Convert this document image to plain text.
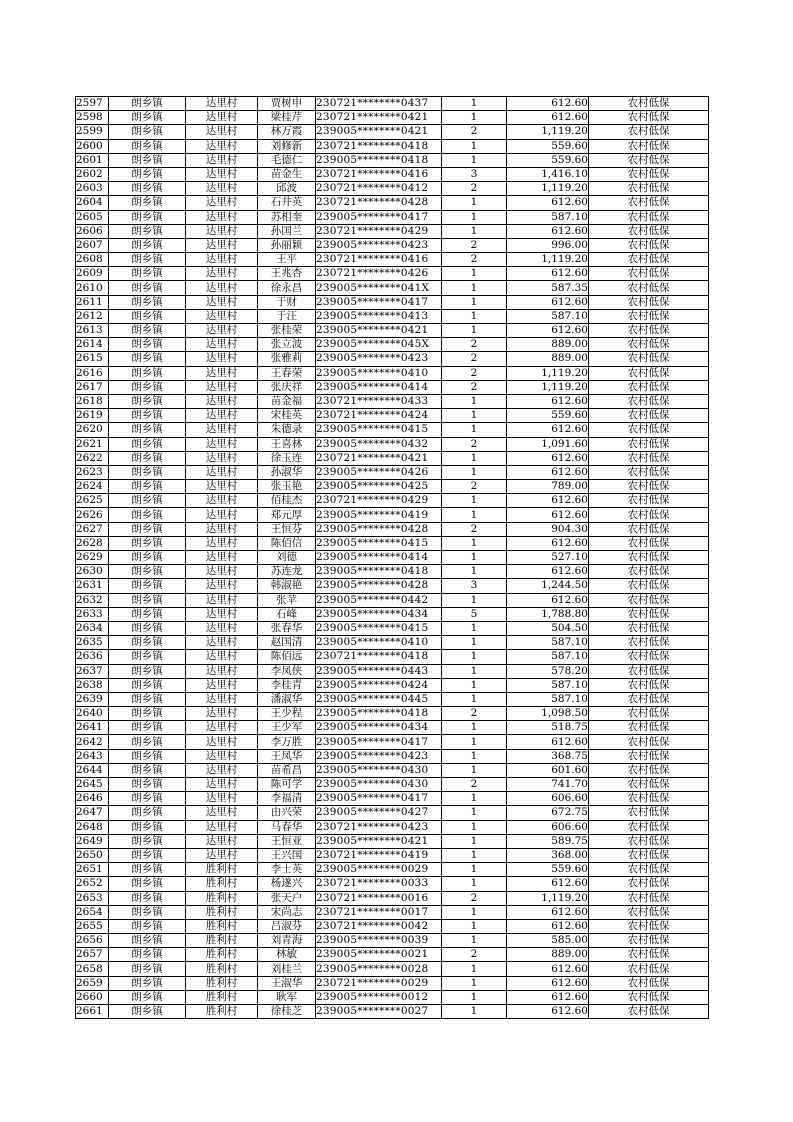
2597	朗乡镇	达里村	贾树申	230721********0437	1	612.60	农村低保
2598	朗乡镇	达里村	梁桂芹	230721********0421	1	612.60	农村低保
2599	朗乡镇	达里村	林万霞	239005********0421	2	1,119.20	农村低保
2600	朗乡镇	达里村	刘修新	230721********0418	1	559.60	农村低保
2601	朗乡镇	达里村	毛德仁	239005********0418	1	559.60	农村低保
2602	朗乡镇	达里村	苗金生	230721********0416	3	1,416.10	农村低保
2603	朗乡镇	达里村	邱波	230721********0412	2	1,119.20	农村低保
2604	朗乡镇	达里村	石井英	230721********0428	1	612.60	农村低保
2605	朗乡镇	达里村	苏相奎	239005********0417	1	587.10	农村低保
2606	朗乡镇	达里村	孙国兰	230721********0429	1	612.60	农村低保
2607	朗乡镇	达里村	孙丽颖	239005********0423	2	996.00	农村低保
2608	朗乡镇	达里村	王平	230721********0416	2	1,119.20	农村低保
2609	朗乡镇	达里村	王兆杏	230721********0426	1	612.60	农村低保
2610	朗乡镇	达里村	徐永昌	239005********041X	1	587.35	农村低保
2611	朗乡镇	达里村	于财	239005********0417	1	612.60	农村低保
2612	朗乡镇	达里村	于汪	239005********0413	1	587.10	农村低保
2613	朗乡镇	达里村	张桂荣	239005********0421	1	612.60	农村低保
2614	朗乡镇	达里村	张立波	239005********045X	2	889.00	农村低保
2615	朗乡镇	达里村	张雅莉	239005********0423	2	889.00	农村低保
2616	朗乡镇	达里村	王春荣	239005********0410	2	1,119.20	农村低保
2617	朗乡镇	达里村	张庆祥	239005********0414	2	1,119.20	农村低保
2618	朗乡镇	达里村	苗金福	230721********0433	1	612.60	农村低保
2619	朗乡镇	达里村	宋桂英	230721********0424	1	559.60	农村低保
2620	朗乡镇	达里村	朱德录	239005********0415	1	612.60	农村低保
2621	朗乡镇	达里村	王喜林	239005********0432	2	1,091.60	农村低保
2622	朗乡镇	达里村	徐玉连	230721********0421	1	612.60	农村低保
2623	朗乡镇	达里村	孙淑华	239005********0426	1	612.60	农村低保
2624	朗乡镇	达里村	张玉艳	239005********0425	2	789.00	农村低保
2625	朗乡镇	达里村	佰桂杰	230721********0429	1	612.60	农村低保
2626	朗乡镇	达里村	郑元厚	239005********0419	1	612.60	农村低保
2627	朗乡镇	达里村	王恒芬	239005********0428	2	904.30	农村低保
2628	朗乡镇	达里村	陈佰信	239005********0415	1	612.60	农村低保
2629	朗乡镇	达里村	刘德	239005********0414	1	527.10	农村低保
2630	朗乡镇	达里村	苏连龙	239005********0418	1	612.60	农村低保
2631	朗乡镇	达里村	韩淑艳	239005********0428	3	1,244.50	农村低保
2632	朗乡镇	达里村	张苹	239005********0442	1	612.60	农村低保
2633	朗乡镇	达里村	石峰	239005********0434	5	1,788.80	农村低保
2634	朗乡镇	达里村	张春华	239005********0415	1	504.50	农村低保
2635	朗乡镇	达里村	赵国清	239005********0410	1	587.10	农村低保
2636	朗乡镇	达里村	陈佰远	230721********0418	1	587.10	农村低保
2637	朗乡镇	达里村	李凤侠	239005********0443	1	578.20	农村低保
2638	朗乡镇	达里村	李桂青	239005********0424	1	587.10	农村低保
2639	朗乡镇	达里村	潘淑华	239005********0445	1	587.10	农村低保
2640	朗乡镇	达里村	王少程	239005********0418	2	1,098.50	农村低保
2641	朗乡镇	达里村	王少军	239005********0434	1	518.75	农村低保
2642	朗乡镇	达里村	李万胜	239005********0417	1	612.60	农村低保
2643	朗乡镇	达里村	王凤华	239005********0423	1	368.75	农村低保
2644	朗乡镇	达里村	苗希昌	239005********0430	1	601.60	农村低保
2645	朗乡镇	达里村	陈可学	239005********0430	2	741.70	农村低保
2646	朗乡镇	达里村	李福清	239005********0417	1	606.60	农村低保
2647	朗乡镇	达里村	由兴荣	239005********0427	1	672.75	农村低保
2648	朗乡镇	达里村	马春华	230721********0423	1	606.60	农村低保
2649	朗乡镇	达里村	王恒亚	239005********0421	1	589.75	农村低保
2650	朗乡镇	达里村	王兴国	230721********0419	1	368.00	农村低保
2651	朗乡镇	胜利村	李士英	239005********0029	1	559.60	农村低保
2652	朗乡镇	胜利村	杨遂兴	230721********0033	1	612.60	农村低保
2653	朗乡镇	胜利村	张天户	230721********0016	2	1,119.20	农村低保
2654	朗乡镇	胜利村	宋尚志	230721********0017	1	612.60	农村低保
2655	朗乡镇	胜利村	吕淑芬	230721********0042	1	612.60	农村低保
2656	朗乡镇	胜利村	刘青海	239005********0039	1	585.00	农村低保
2657	朗乡镇	胜利村	林敏	239005********0021	2	889.00	农村低保
2658	朗乡镇	胜利村	刘桂兰	239005********0028	1	612.60	农村低保
2659	朗乡镇	胜利村	王淑华	230721********0029	1	612.60	农村低保
2660	朗乡镇	胜利村	耿军	239005********0012	1	612.60	农村低保
2661	朗乡镇	胜利村	徐桂芝	239005********0027	1	612.60	农村低保
